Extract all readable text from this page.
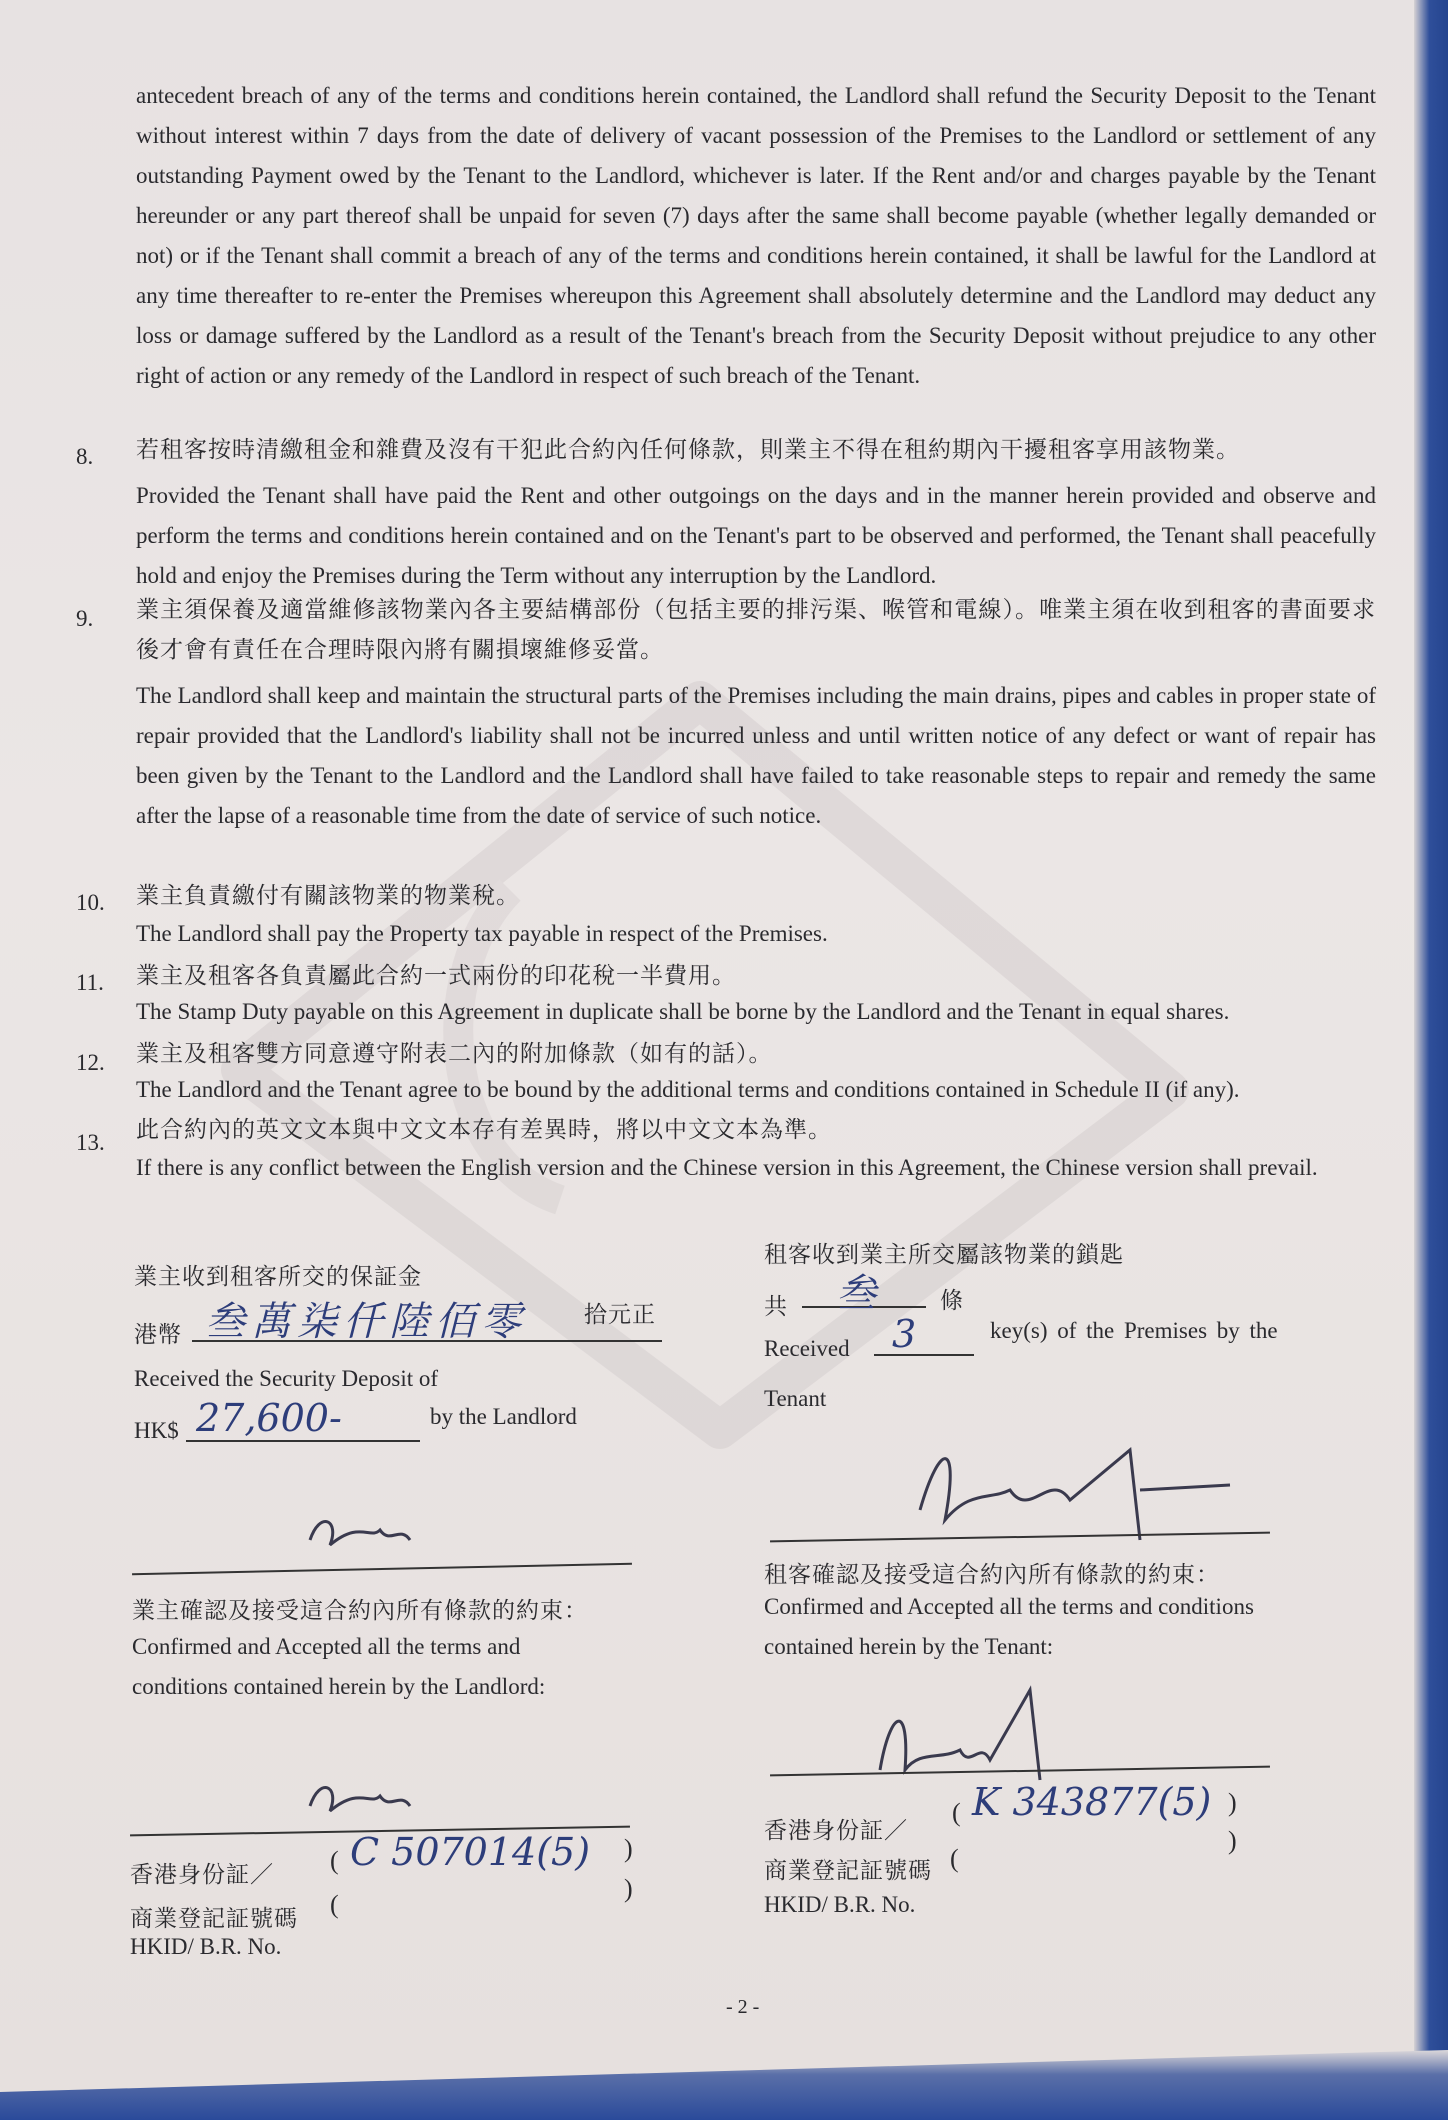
antecedent breach of any of the terms and conditions herein contained, the Landlord shall refund the Security Deposit to the Tenant without interest within 7 days from the date of delivery of vacant possession of the Premises to the Landlord or settlement of any outstanding Payment owed by the Tenant to the Landlord, whichever is later. If the Rent and/or and charges payable by the Tenant hereunder or any part thereof shall be unpaid for seven (7) days after the same shall become payable (whether legally demanded or not) or if the Tenant shall commit a breach of any of the terms and conditions herein contained, it shall be lawful for the Landlord at any time thereafter to re-enter the Premises whereupon this Agreement shall absolutely determine and the Landlord may deduct any loss or damage suffered by the Landlord as a result of the Tenant's breach from the Security Deposit without prejudice to any other right of action or any remedy of the Landlord in respect of such breach of the Tenant.
8. 若租客按時清繳租金和雜費及沒有干犯此合約內任何條款，則業主不得在租約期內干擾租客享用該物業。
Provided the Tenant shall have paid the Rent and other outgoings on the days and in the manner herein provided and observe and perform the terms and conditions herein contained and on the Tenant's part to be observed and performed, the Tenant shall peacefully hold and enjoy the Premises during the Term without any interruption by the Landlord.
9. 業主須保養及適當維修該物業內各主要結構部份（包括主要的排污渠、喉管和電線）。唯業主須在收到租客的書面要求後才會有責任在合理時限內將有關損壞維修妥當。
The Landlord shall keep and maintain the structural parts of the Premises including the main drains, pipes and cables in proper state of repair provided that the Landlord's liability shall not be incurred unless and until written notice of any defect or want of repair has been given by the Tenant to the Landlord and the Landlord shall have failed to take reasonable steps to repair and remedy the same after the lapse of a reasonable time from the date of service of such notice.
10. 業主負責繳付有關該物業的物業稅。
The Landlord shall pay the Property tax payable in respect of the Premises.
11. 業主及租客各負責屬此合約一式兩份的印花稅一半費用。
The Stamp Duty payable on this Agreement in duplicate shall be borne by the Landlord and the Tenant in equal shares.
12. 業主及租客雙方同意遵守附表二內的附加條款（如有的話）。
The Landlord and the Tenant agree to be bound by the additional terms and conditions contained in Schedule II (if any).
13. 此合約內的英文文本與中文文本存有差異時，將以中文文本為準。
If there is any conflict between the English version and the Chinese version in this Agreement, the Chinese version shall prevail.
業主收到租客所交的保証金
港幣 叁萬柒仟陸佰零 拾元正
Received the Security Deposit of
HK$ 27,600-	by the Landlord
租客收到業主所交屬該物業的鎖匙
共 叁	條
Received 3	key(s) of the Premises by the
Tenant
業主確認及接受這合約內所有條款的約束：
Confirmed and Accepted all the terms and
conditions contained herein by the Landlord:
租客確認及接受這合約內所有條款的約束：
Confirmed and Accepted all the terms and conditions
contained herein by the Tenant:
香港身份証／ ( C 507014(5) )
商業登記証號碼 (
)
HKID/ B.R. No.
香港身份証／
( K 343877(5) )
商業登記証號碼 (
)
HKID/ B.R. No.
- 2 -
